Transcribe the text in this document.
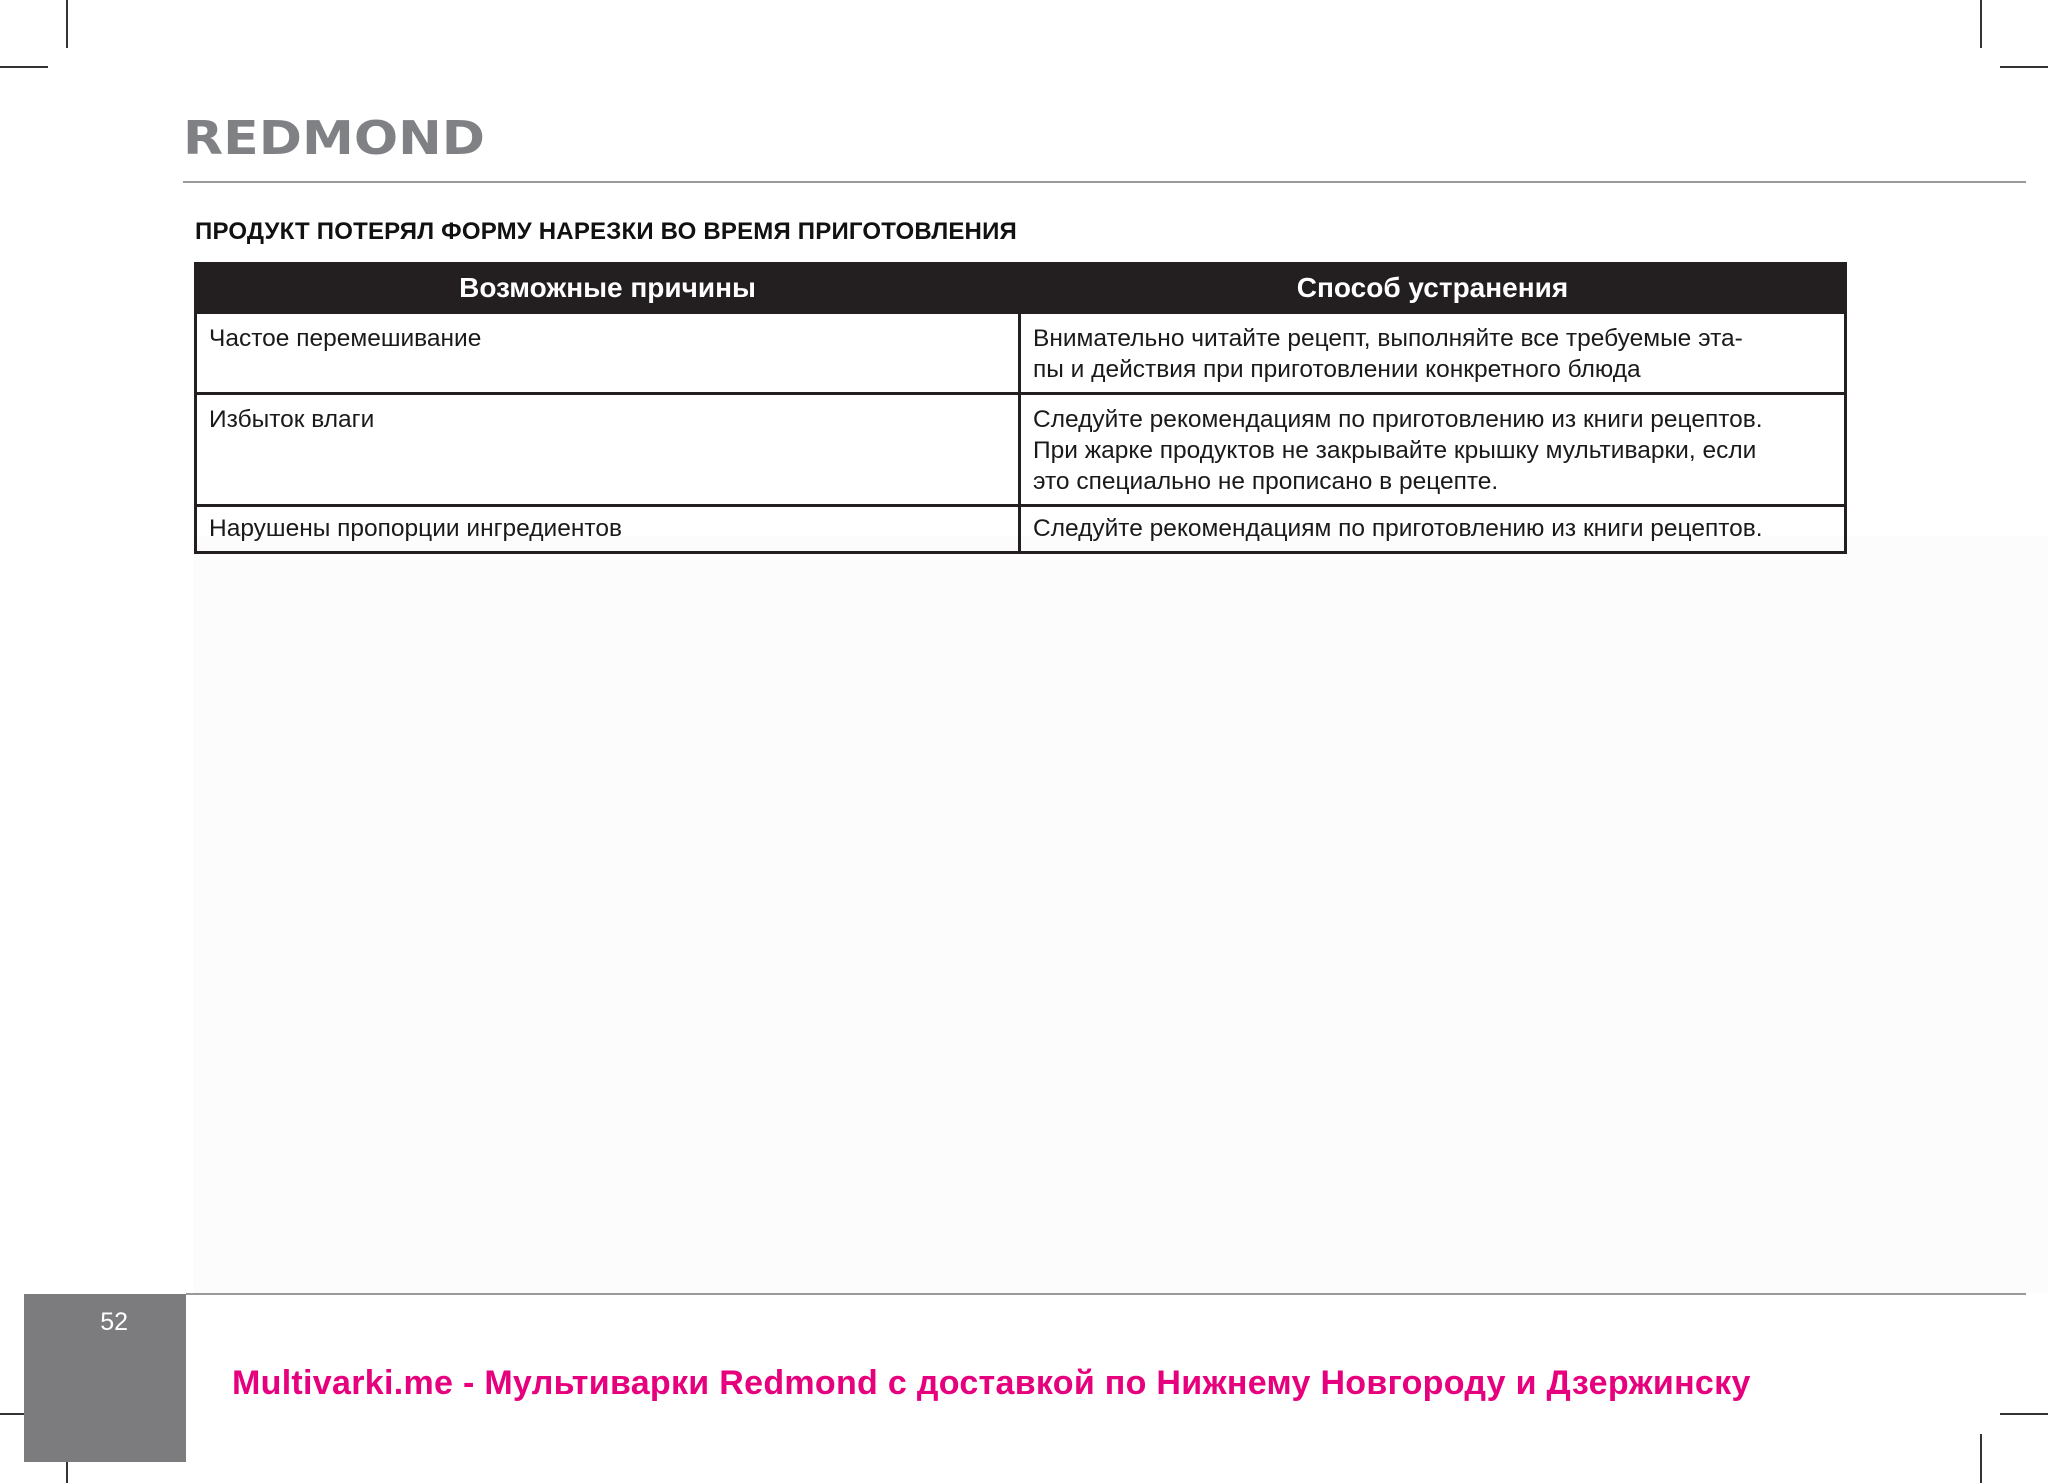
REDMOND
ПРОДУКТ ПОТЕРЯЛ ФОРМУ НАРЕЗКИ ВО ВРЕМЯ ПРИГОТОВЛЕНИЯ
Возможные причины	Способ устранения
Частое перемешивание	Внимательно читайте рецепт, выполняйте все требуемые эта-
пы и действия при приготовлении конкретного блюда

Избыток влаги	Следуйте рекомендациям по приготовлению из книги рецептов.
При жарке продуктов не закрывайте крышку мультиварки, если
это специально не прописано в рецепте.

Нарушены пропорции ингредиентов	Следуйте рекомендациям по приготовлению из книги рецептов.
52

Multivarki.me - Мультиварки Redmond с доставкой по Нижнему Новгороду и Дзержинску
